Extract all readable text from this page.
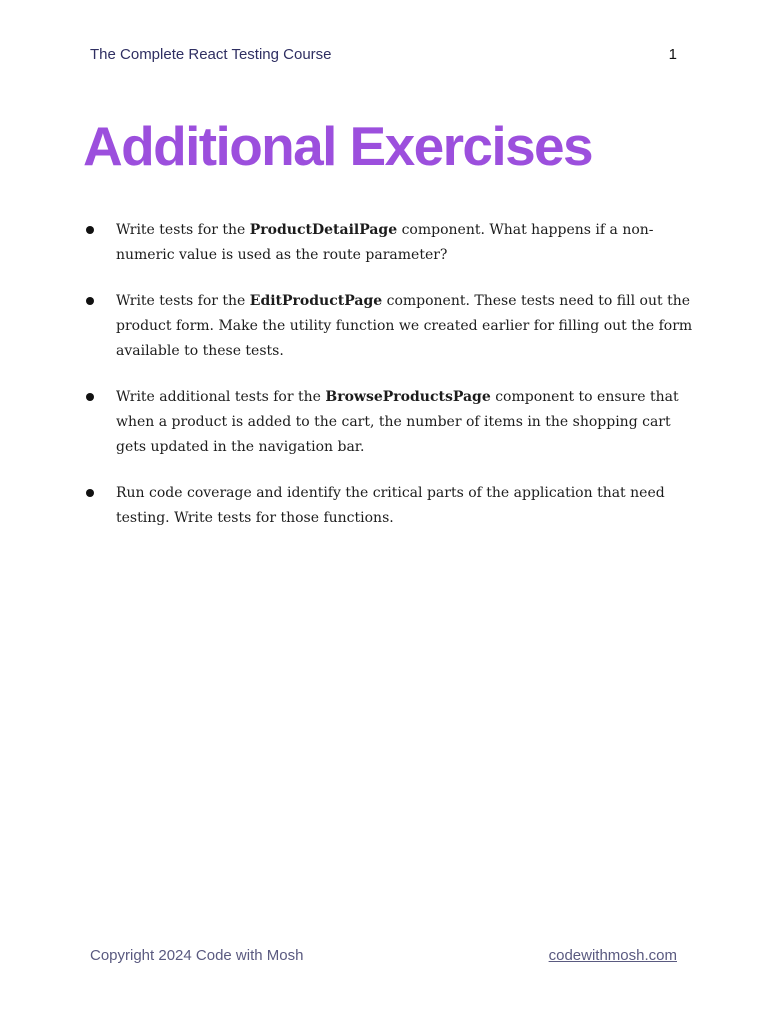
The Complete React Testing Course	1
Additional Exercises
Write tests for the ProductDetailPage component. What happens if a non-numeric value is used as the route parameter?
Write tests for the EditProductPage component. These tests need to fill out the product form. Make the utility function we created earlier for filling out the form available to these tests.
Write additional tests for the BrowseProductsPage component to ensure that when a product is added to the cart, the number of items in the shopping cart gets updated in the navigation bar.
Run code coverage and identify the critical parts of the application that need testing. Write tests for those functions.
Copyright 2024 Code with Mosh	codewithmosh.com
